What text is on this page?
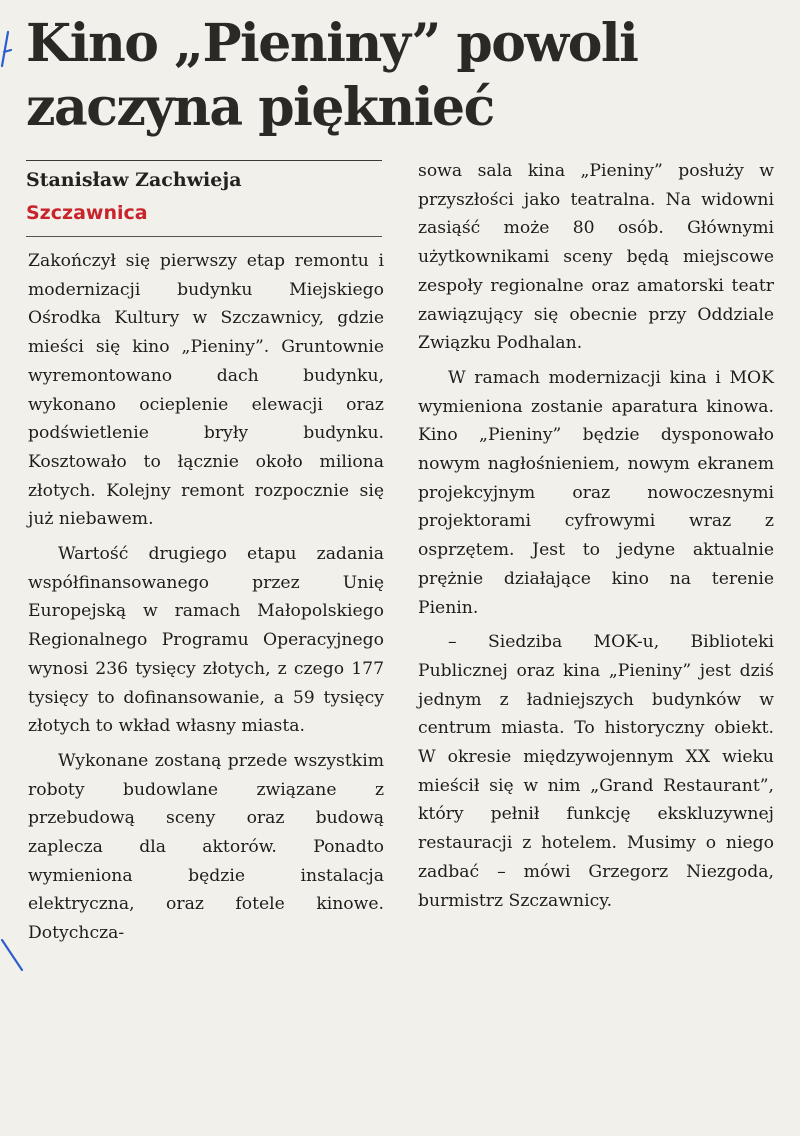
Kino „Pieniny” powoli
zaczyna pięknieć
Stanisław Zachwieja
Szczawnica

Zakończył się pierwszy etap remontu i modernizacji budynku Miejskiego Ośrodka Kultury w Szczawnicy, gdzie mieści się kino „Pieniny”. Gruntownie wyremontowano dach budynku, wykonano ocieplenie elewacji oraz podświetlenie bryły budynku. Kosztowało to łącznie około miliona złotych. Kolejny remont rozpocznie się już niebawem.

Wartość drugiego etapu zadania współfinansowanego przez Unię Europejską w ramach Małopolskiego Regionalnego Programu Operacyjnego wynosi 236 tysięcy złotych, z czego 177 tysięcy to dofinansowanie, a 59 tysięcy złotych to wkład własny miasta.

Wykonane zostaną przede wszystkim roboty budowlane związane z przebudową sceny oraz budową zaplecza dla aktorów. Ponadto wymieniona będzie instalacja elektryczna, oraz fotele kinowe. Dotychcza-

sowa sala kina „Pieniny” posłuży w przyszłości jako teatralna. Na widowni zasiąść może 80 osób. Głównymi użytkownikami sceny będą miejscowe zespoły regionalne oraz amatorski teatr zawiązujący się obecnie przy Oddziale Związku Podhalan.

W ramach modernizacji kina i MOK wymieniona zostanie aparatura kinowa. Kino „Pieniny” będzie dysponowało nowym nagłośnieniem, nowym ekranem projekcyjnym oraz nowoczesnymi projektorami cyfrowymi wraz z osprzętem. Jest to jedyne aktualnie prężnie działające kino na terenie Pienin.

– Siedziba MOK-u, Biblioteki Publicznej oraz kina „Pieniny” jest dziś jednym z ładniejszych budynków w centrum miasta. To historyczny obiekt. W okresie międzywojennym XX wieku mieścił się w nim „Grand Restaurant”, który pełnił funkcję ekskluzywnej restauracji z hotelem. Musimy o niego zadbać – mówi Grzegorz Niezgoda, burmistrz Szczawnicy.
